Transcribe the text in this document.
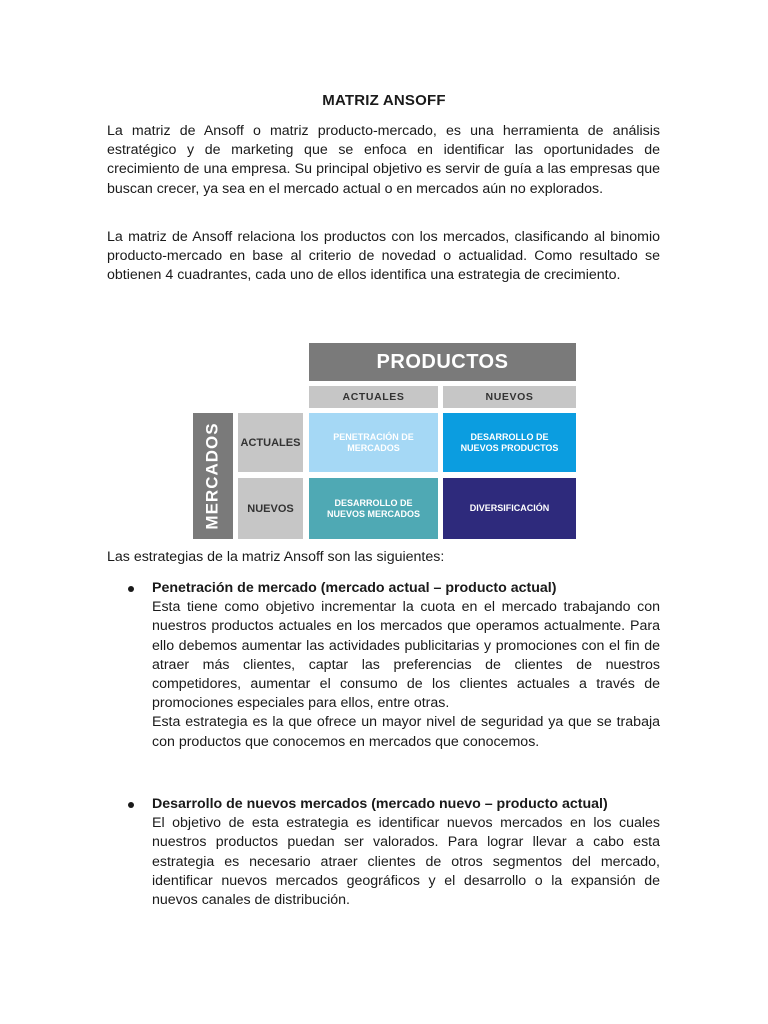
MATRIZ ANSOFF

La matriz de Ansoff o matriz producto-mercado, es una herramienta de análisis estratégico y de marketing que se enfoca en identificar las oportunidades de crecimiento de una empresa. Su principal objetivo es servir de guía a las empresas que buscan crecer, ya sea en el mercado actual o en mercados aún no explorados.

La matriz de Ansoff relaciona los productos con los mercados, clasificando al binomio producto-mercado en base al criterio de novedad o actualidad. Como resultado se obtienen 4 cuadrantes, cada uno de ellos identifica una estrategia de crecimiento.

PRODUCTOS
ACTUALES	NUEVOS
MERCADOS ACTUALES
NUEVOS
PENETRACIÓN DE MERCADOS
DESARROLLO DE NUEVOS PRODUCTOS
DESARROLLO DE NUEVOS MERCADOS
DIVERSIFICACIÓN

Las estrategias de la matriz Ansoff son las siguientes:

Penetración de mercado (mercado actual – producto actual)

Esta tiene como objetivo incrementar la cuota en el mercado trabajando con nuestros productos actuales en los mercados que operamos actualmente. Para ello debemos aumentar las actividades publicitarias y promociones con el fin de atraer más clientes, captar las preferencias de clientes de nuestros competidores, aumentar el consumo de los clientes actuales a través de promociones especiales para ellos, entre otras.

Esta estrategia es la que ofrece un mayor nivel de seguridad ya que se trabaja con productos que conocemos en mercados que conocemos.

Desarrollo de nuevos mercados (mercado nuevo – producto actual)

El objetivo de esta estrategia es identificar nuevos mercados en los cuales nuestros productos puedan ser valorados. Para lograr llevar a cabo esta estrategia es necesario atraer clientes de otros segmentos del mercado, identificar nuevos mercados geográficos y el desarrollo o la expansión de nuevos canales de distribución.
